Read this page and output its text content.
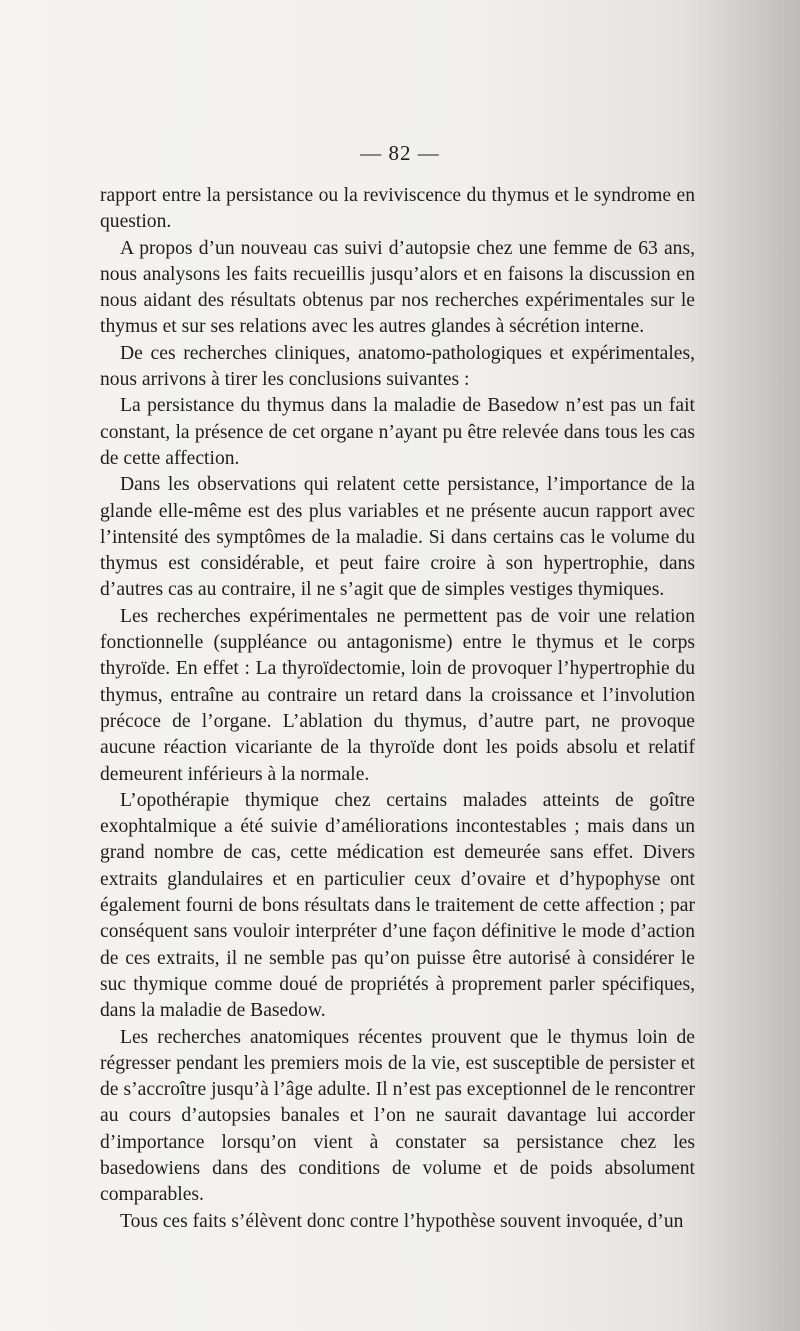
— 82 —

rapport entre la persistance ou la reviviscence du thymus et le syndrome en question.

A propos d’un nouveau cas suivi d’autopsie chez une femme de 63 ans, nous analysons les faits recueillis jusqu’alors et en faisons la discussion en nous aidant des résultats obtenus par nos recherches expérimentales sur le thymus et sur ses relations avec les autres glandes à sécrétion interne.

De ces recherches cliniques, anatomo-pathologiques et expérimentales, nous arrivons à tirer les conclusions suivantes :

La persistance du thymus dans la maladie de Basedow n’est pas un fait constant, la présence de cet organe n’ayant pu être relevée dans tous les cas de cette affection.

Dans les observations qui relatent cette persistance, l’importance de la glande elle-même est des plus variables et ne présente aucun rapport avec l’intensité des symptômes de la maladie. Si dans certains cas le volume du thymus est considérable, et peut faire croire à son hypertrophie, dans d’autres cas au contraire, il ne s’agit que de simples vestiges thymiques.

Les recherches expérimentales ne permettent pas de voir une relation fonctionnelle (suppléance ou antagonisme) entre le thymus et le corps thyroïde. En effet : La thyroïdectomie, loin de provoquer l’hypertrophie du thymus, entraîne au contraire un retard dans la croissance et l’involution précoce de l’organe. L’ablation du thymus, d’autre part, ne provoque aucune réaction vicariante de la thyroïde dont les poids absolu et relatif demeurent inférieurs à la normale.

L’opothérapie thymique chez certains malades atteints de goître exophtalmique a été suivie d’améliorations incontestables ; mais dans un grand nombre de cas, cette médication est demeurée sans effet. Divers extraits glandulaires et en particulier ceux d’ovaire et d’hypophyse ont également fourni de bons résultats dans le traitement de cette affection ; par conséquent sans vouloir interpréter d’une façon définitive le mode d’action de ces extraits, il ne semble pas qu’on puisse être autorisé à considérer le suc thymique comme doué de propriétés à proprement parler spécifiques, dans la maladie de Basedow.

Les recherches anatomiques récentes prouvent que le thymus loin de régresser pendant les premiers mois de la vie, est susceptible de persister et de s’accroître jusqu’à l’âge adulte. Il n’est pas exceptionnel de le rencontrer au cours d’autopsies banales et l’on ne saurait davantage lui accorder d’importance lorsqu’on vient à constater sa persistance chez les basedowiens dans des conditions de volume et de poids absolument comparables.

Tous ces faits s’élèvent donc contre l’hypothèse souvent invoquée, d’un
